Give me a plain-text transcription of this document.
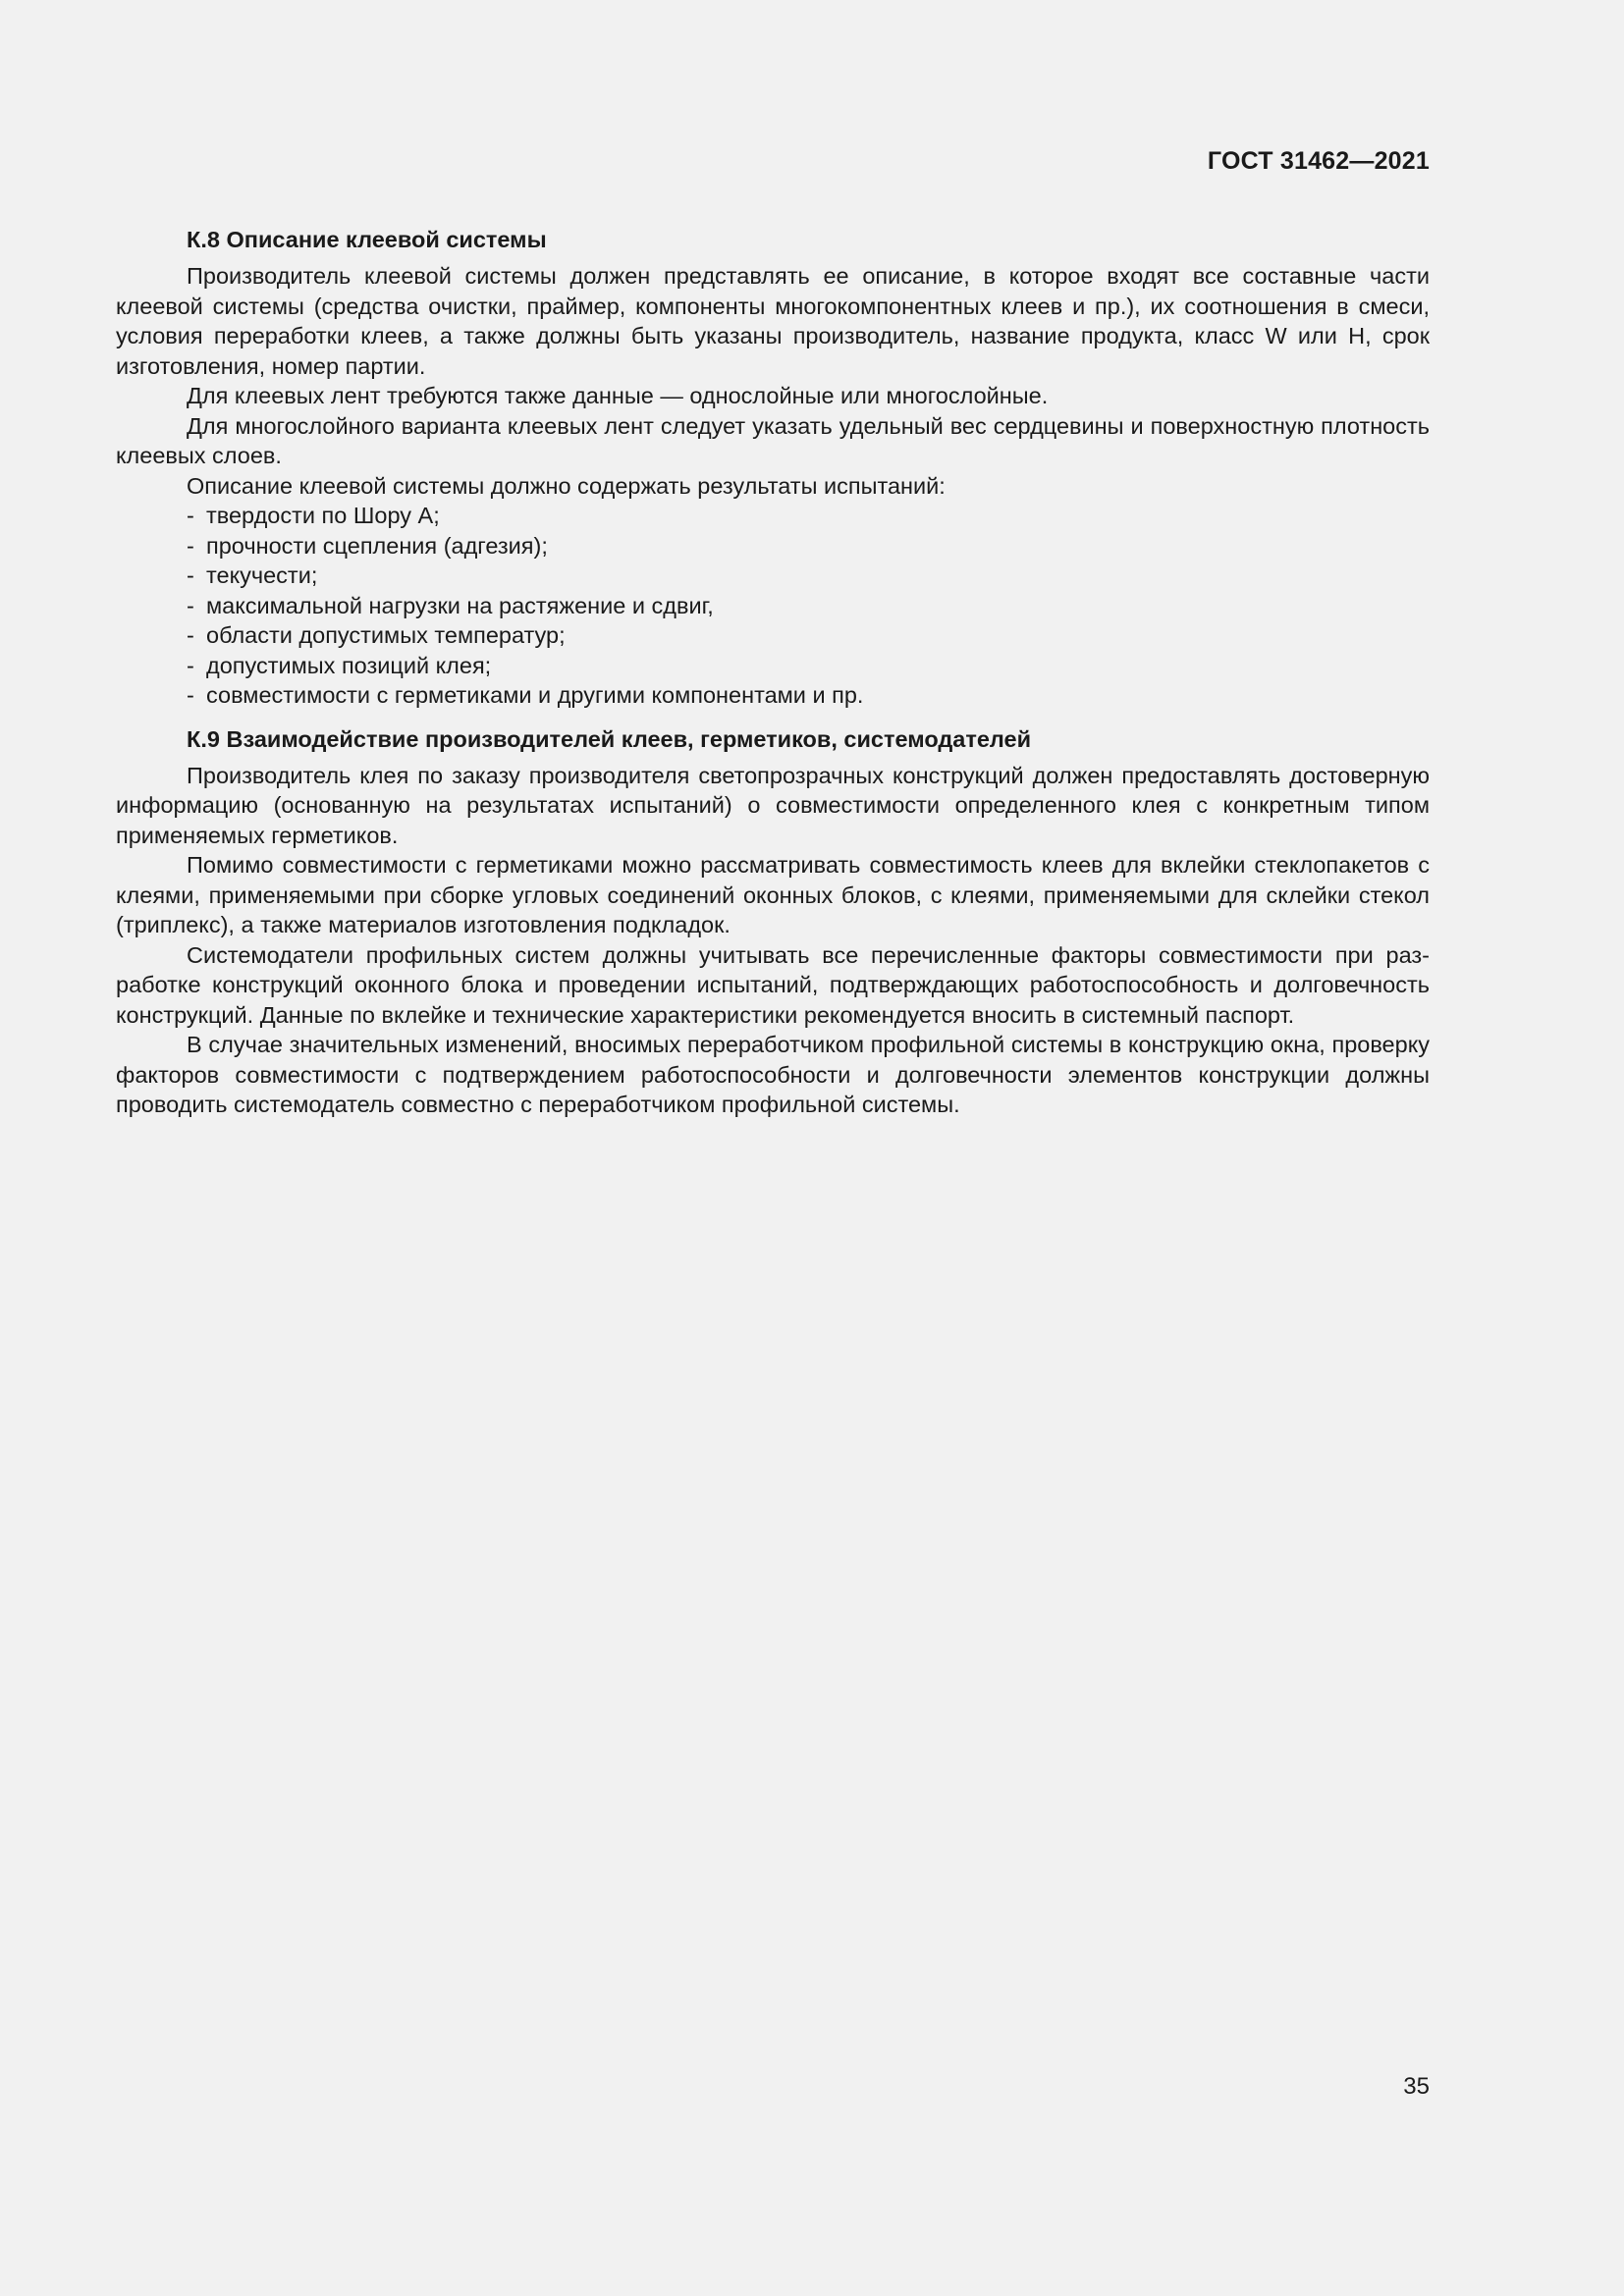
ГОСТ 31462—2021

К.8 Описание клеевой системы

Производитель клеевой системы должен представлять ее описание, в которое входят все составные части клеевой системы (средства очистки, праймер, компоненты многокомпонентных клеев и пр.), их соотношения в смеси, условия переработки клеев, а также должны быть указаны производитель, название продукта, класс W или H, срок изготовления, номер партии.

Для клеевых лент требуются также данные — однослойные или многослойные.

Для многослойного варианта клеевых лент следует указать удельный вес сердцевины и поверхностную плотность клеевых слоев.

Описание клеевой системы должно содержать результаты испытаний:

- твердости по Шору А;
- прочности сцепления (адгезия);
- текучести;
- максимальной нагрузки на растяжение и сдвиг,
- области допустимых температур;
- допустимых позиций клея;
- совместимости с герметиками и другими компонентами и пр.
К.9 Взаимодействие производителей клеев, герметиков, системодателей

Производитель клея по заказу производителя светопрозрачных конструкций должен предоставлять достоверную информацию (основанную на результатах испытаний) о совместимости определенного клея с конкретным типом применяемых герметиков.

Помимо совместимости с герметиками можно рассматривать совместимость клеев для вклейки стеклопакетов с клеями, применяемыми при сборке угловых соединений оконных блоков, с клеями, применяемыми для склейки стекол (триплекс), а также материалов изготовления подкладок.

Системодатели профильных систем должны учитывать все перечисленные факторы совместимости при разработке конструкций оконного блока и проведении испытаний, подтверждающих работоспособность и долговечность конструкций. Данные по вклейке и технические характеристики рекомендуется вносить в системный паспорт.

В случае значительных изменений, вносимых переработчиком профильной системы в конструкцию окна, проверку факторов совместимости с подтверждением работоспособности и долговечности элементов конструкции должны проводить системодатель совместно с переработчиком профильной системы.

35
